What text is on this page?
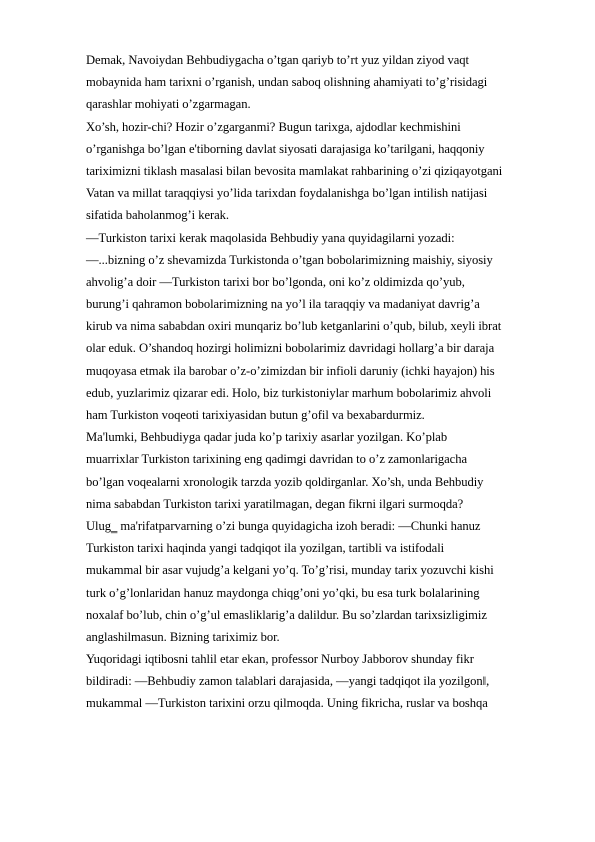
Demak, Navoiydan Behbudiygacha o’tgan qariyb to’rt yuz yildan ziyod vaqt
mobaynida ham tarixni o’rganish, undan saboq olishning ahamiyati to’g’risidagi
qarashlar mohiyati o’zgarmagan.
Xo’sh, hozir-chi? Hozir o’zgarganmi? Bugun tarixga, ajdodlar kechmishini
o’rganishga bo’lgan e'tiborning davlat siyosati darajasiga ko’tarilgani, haqqoniy
tariximizni tiklash masalasi bilan bevosita mamlakat rahbarining o’zi qiziqayotgani
Vatan va millat taraqqiysi yo’lida tarixdan foydalanishga bo’lgan intilish natijasi
sifatida baholanmog’i kerak.
―Turkiston tarixi kerak maqolasida Behbudiy yana quyidagilarni yozadi:
―...bizning o’z shevamizda Turkistonda o’tgan bobolarimizning maishiy, siyosiy
ahvolig’a doir ―Turkiston tarixi bor bo’lgonda, oni ko’z oldimizda qo’yub,
burung’i qahramon bobolarimizning na yo’l ila taraqqiy va madaniyat davrig’a
kirub va nima sababdan oxiri munqariz bo’lub ketganlarini o’qub, bilub, xeyli ibrat
olar eduk. O’shandoq hozirgi holimizni bobolarimiz davridagi hollarg’a bir daraja
muqoyasa etmak ila barobar o’z-o’zimizdan bir infioli daruniy (ichki hayajon) his
edub, yuzlarimiz qizarar edi. Holo, biz turkistoniylar marhum bobolarimiz ahvoli
ham Turkiston voqeoti tarixiyasidan butun g’ofil va bexabardurmiz.
Ma'lumki, Behbudiyga qadar juda ko’p tarixiy asarlar yozilgan. Ko’plab
muarrixlar Turkiston tarixining eng qadimgi davridan to o’z zamonlarigacha
bo’lgan voqealarni xronologik tarzda yozib qoldirganlar. Xo’sh, unda Behbudiy
nima sababdan Turkiston tarixi yaratilmagan, degan fikrni ilgari surmoqda?
Ulug‗ ma'rifatparvarning o’zi bunga quyidagicha izoh beradi: ―Chunki hanuz
Turkiston tarixi haqinda yangi tadqiqot ila yozilgan, tartibli va istifodali
mukammal bir asar vujudg’a kelgani yo’q. To’g’risi, munday tarix yozuvchi kishi
turk o’g’lonlaridan hanuz maydonga chiqg’oni yo’qki, bu esa turk bolalarining
noxalaf bo’lub, chin o’g’ul emasliklarig’a dalildur. Bu so’zlardan tarixsizligimiz
anglashilmasun. Bizning tariximiz bor.
Yuqoridagi iqtibosni tahlil etar ekan, professor Nurboy Jabborov shunday fikr
bildiradi: ―Behbudiy zamon talablari darajasida, ―yangi tadqiqot ila yozilgon‖,
mukammal ―Turkiston tarixini orzu qilmoqda. Uning fikricha, ruslar va boshqa
